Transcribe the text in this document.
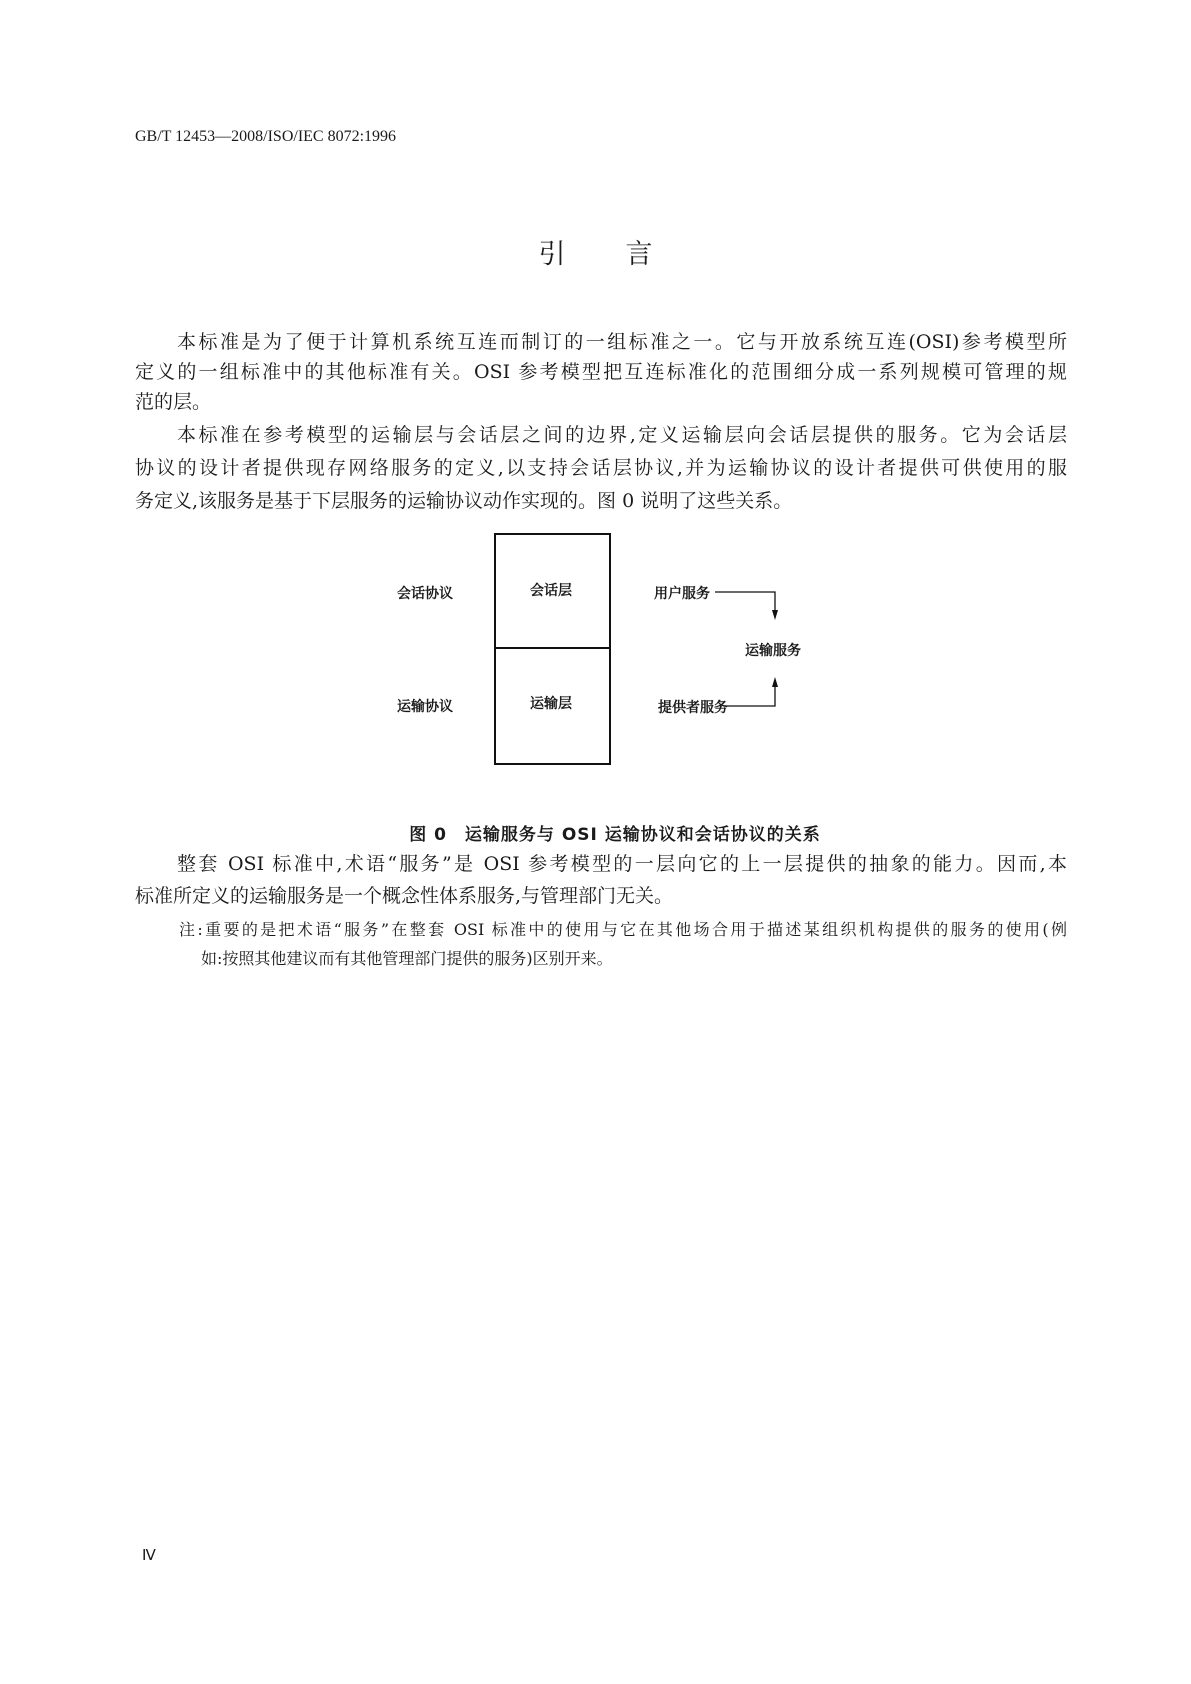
GB/T 12453—2008/ISO/IEC 8072:1996
引言
本标准是为了便于计算机系统互连而制订的一组标准之一。它与开放系统互连(OSI)参考模型所
定义的一组标准中的其他标准有关。OSI 参考模型把互连标准化的范围细分成一系列规模可管理的规
范的层。
本标准在参考模型的运输层与会话层之间的边界,定义运输层向会话层提供的服务。它为会话层
协议的设计者提供现存网络服务的定义,以支持会话层协议,并为运输协议的设计者提供可供使用的服
务定义,该服务是基于下层服务的运输协议动作实现的。图 0 说明了这些关系。
会话协议
运输协议
会话层
运输层
用户服务
运输服务
提供者服务
图 0　运输服务与 OSI 运输协议和会话协议的关系
整套 OSI 标准中,术语“服务”是 OSI 参考模型的一层向它的上一层提供的抽象的能力。因而,本
标准所定义的运输服务是一个概念性体系服务,与管理部门无关。
注:重要的是把术语“服务”在整套 OSI 标准中的使用与它在其他场合用于描述某组织机构提供的服务的使用(例
如:按照其他建议而有其他管理部门提供的服务)区别开来。
Ⅳ
